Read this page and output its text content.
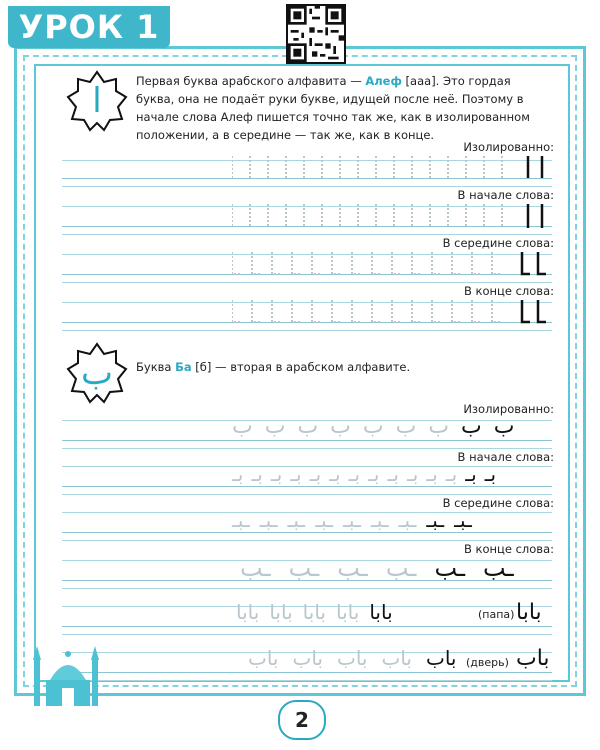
УРОК 1
ا	Первая буква арабского алфавита — Алеф [ааа]. Это гордая буква, она не подаёт руки букве, идущей после неё. Поэтому в начале слова Алеф пишется точно так же, как в изолированном положении, а в середине — так же, как в конце.
Изолированно:
В начале слова:
В середине слова:
В конце слова:
ب	Буква Ба [б] — вторая в арабском алфавите.
Изолированно:
ب ب ب ب ب ب ب ب ب
В начале слова:
بـ بـ بـ بـ بـ بـ بـ بـ بـ بـ بـ بـ بـ بـ
В середине слова:
ـبـ ـبـ ـبـ ـبـ ـبـ ـبـ ـبـ ـبـ ـبـ
В конце слова:
ـب ـب ـب ـب ـب ـب
بابا بابا بابا بابا بابا	(папа) بابا
باب باب باب باب باب (дверь) باب
2
